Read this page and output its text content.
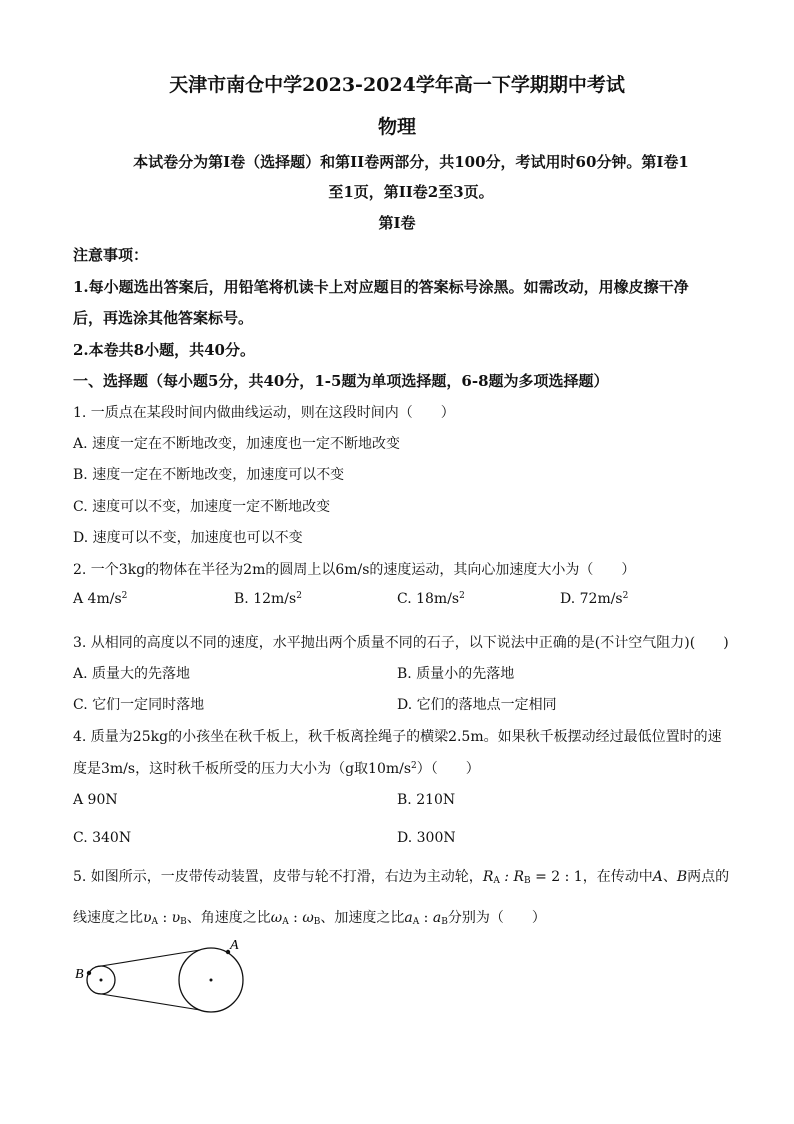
天津市南仓中学2023-2024学年高一下学期期中考试
物理
本试卷分为第I卷（选择题）和第II卷两部分，共100分，考试用时60分钟。第I卷1
至1页，第II卷2至3页。
第I卷
注意事项：
1.每小题选出答案后，用铅笔将机读卡上对应题目的答案标号涂黑。如需改动，用橡皮擦干净
后，再选涂其他答案标号。
2.本卷共8小题，共40分。
一、选择题（每小题5分，共40分，1-5题为单项选择题，6-8题为多项选择题）
1. 一质点在某段时间内做曲线运动，则在这段时间内（　　）
A. 速度一定在不断地改变，加速度也一定不断地改变
B. 速度一定在不断地改变，加速度可以不变
C. 速度可以不变，加速度一定不断地改变
D. 速度可以不变，加速度也可以不变
2. 一个3kg的物体在半径为2m的圆周上以6m/s的速度运动，其向心加速度大小为（　　）
A $4m/s^2$	B. $12m/s^2$	C. $18m/s^2$	D. $72m/s^2$
3. 从相同的高度以不同的速度，水平抛出两个质量不同的石子，以下说法中正确的是(不计空气阻力)(　　)
A. 质量大的先落地	B. 质量小的先落地
C. 它们一定同时落地	D. 它们的落地点一定相同
4. 质量为25kg的小孩坐在秋千板上，秋千板离拴绳子的横梁2.5m。如果秋千板摆动经过最低位置时的速
度是3m/s，这时秋千板所受的压力大小为（g取$10m/s^2$）（　　）
A 90N	B. 210N
C. 340N	D. 300N
5. 如图所示，一皮带传动装置，皮带与轮不打滑，右边为主动轮，$R_A$ : $R_B = 2$ : 1，在传动中A、B两点的
线速度之比$\upsilon_A$ : $\upsilon_B$、角速度之比$\omega_A$ : $\omega_B$、加速度之比$a_A$ : $a_B$分别为（　　）
B
A
